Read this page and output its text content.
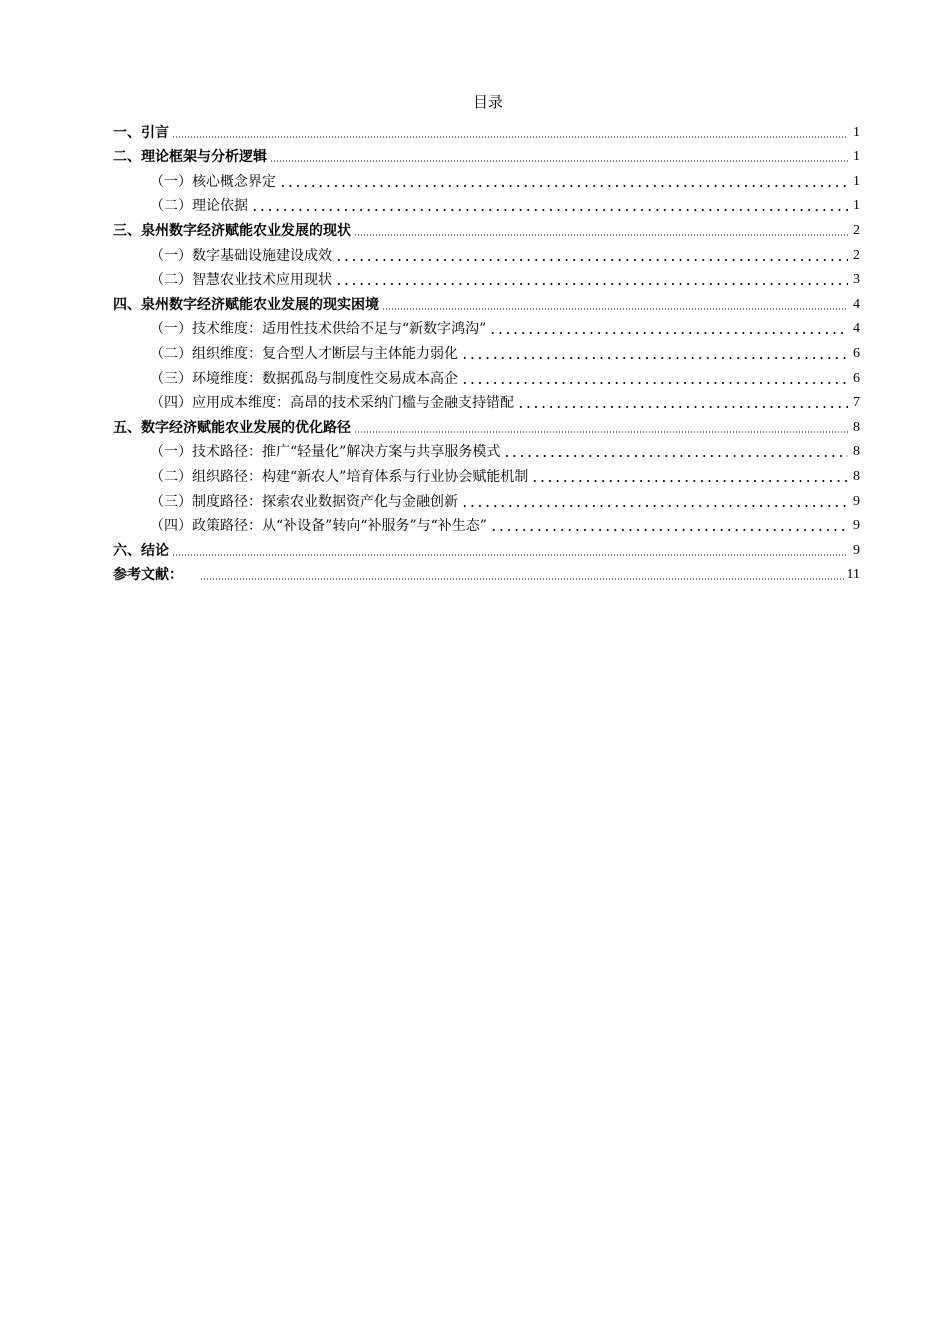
目录
一、引言	1
二、理论框架与分析逻辑	1
（一）核心概念界定	1
（二）理论依据	1
三、泉州数字经济赋能农业发展的现状	2
（一）数字基础设施建设成效	2
（二）智慧农业技术应用现状	3
四、泉州数字经济赋能农业发展的现实困境	4
（一）技术维度：适用性技术供给不足与“新数字鸿沟”	4
（二）组织维度：复合型人才断层与主体能力弱化	6
（三）环境维度：数据孤岛与制度性交易成本高企	6
（四）应用成本维度：高昂的技术采纳门槛与金融支持错配	7
五、数字经济赋能农业发展的优化路径	8
（一）技术路径：推广“轻量化”解决方案与共享服务模式	8
（二）组织路径：构建“新农人”培育体系与行业协会赋能机制	8
（三）制度路径：探索农业数据资产化与金融创新	9
（四）政策路径：从“补设备”转向“补服务”与“补生态”	9
六、结论	9
参考文献：	11
